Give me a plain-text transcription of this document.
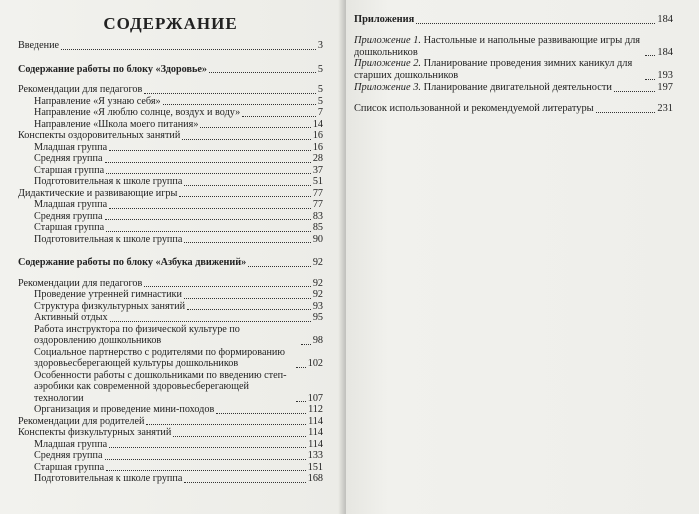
СОДЕРЖАНИЕ
Введение	3
Содержание работы по блоку «Здоровье»	5
Рекомендации для педагогов	5
Направление «Я узнаю себя»	5
Направление «Я люблю солнце, воздух и воду»	7
Направление «Школа моего питания»	14
Конспекты оздоровительных занятий	16
Младшая группа	16
Средняя группа	28
Старшая группа	37
Подготовительная к школе группа	51
Дидактические и развивающие игры	77
Младшая группа	77
Средняя группа	83
Старшая группа	85
Подготовительная к школе группа	90
Содержание работы по блоку «Азбука движений»	92
Рекомендации для педагогов	92
Проведение утренней гимнастики	92
Структура физкультурных занятий	93
Активный отдых	95
Работа инструктора по физической культуре по оздоровлению дошкольников	98
Социальное партнерство с родителями по формированию здоровьесберегающей культуры дошкольников	102
Особенности работы с дошкольниками по введению степ-аэробики как современной здоровьесберегающей технологии	107
Организация и проведение мини-походов	112
Рекомендации для родителей	114
Конспекты физкультурных занятий	114
Младшая группа	114
Средняя группа	133
Старшая группа	151
Подготовительная к школе группа	168
Приложения	184
Приложение 1. Настольные и напольные развивающие игры для дошкольников	184
Приложение 2. Планирование проведения зимних каникул для старших дошкольников	193
Приложение 3. Планирование двигательной деятельности	197
Список использованной и рекомендуемой литературы	231
